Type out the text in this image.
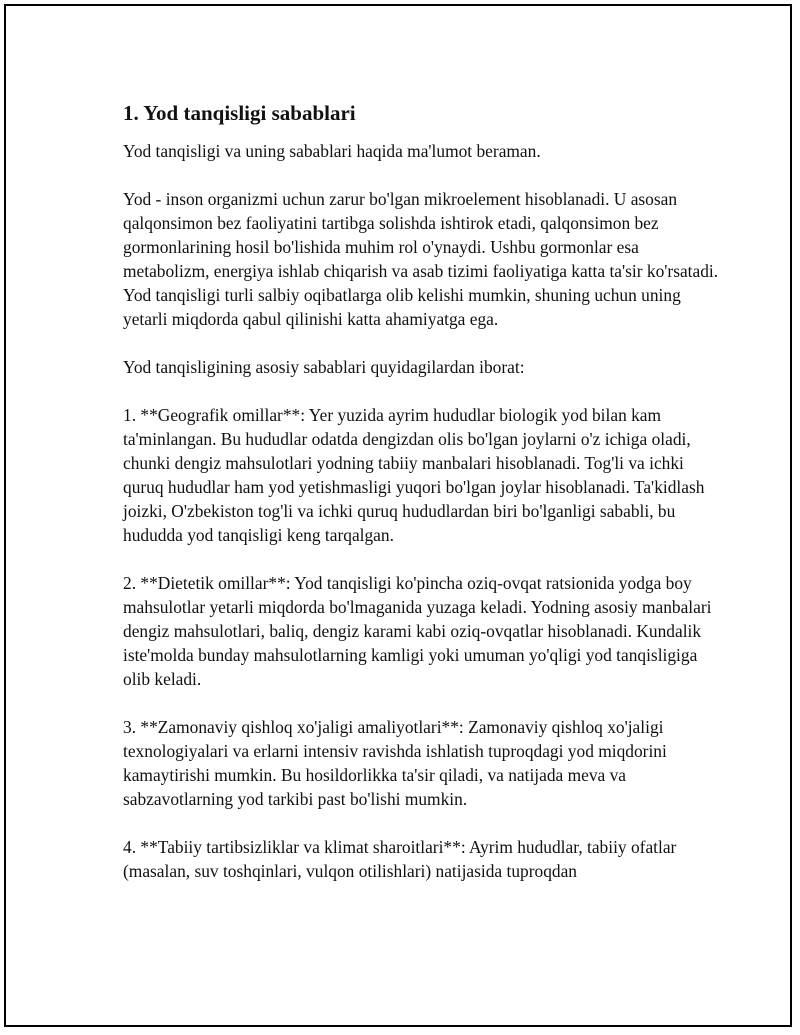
1. Yod tanqisligi sabablari

Yod tanqisligi va uning sabablari haqida ma'lumot beraman.

Yod - inson organizmi uchun zarur bo'lgan mikroelement hisoblanadi. U asosan qalqonsimon bez faoliyatini tartibga solishda ishtirok etadi, qalqonsimon bez gormonlarining hosil bo'lishida muhim rol o'ynaydi. Ushbu gormonlar esa metabolizm, energiya ishlab chiqarish va asab tizimi faoliyatiga katta ta'sir ko'rsatadi. Yod tanqisligi turli salbiy oqibatlarga olib kelishi mumkin, shuning uchun uning yetarli miqdorda qabul qilinishi katta ahamiyatga ega.

Yod tanqisligining asosiy sabablari quyidagilardan iborat:

1. **Geografik omillar**: Yer yuzida ayrim hududlar biologik yod bilan kam ta'minlangan. Bu hududlar odatda dengizdan olis bo'lgan joylarni o'z ichiga oladi, chunki dengiz mahsulotlari yodning tabiiy manbalari hisoblanadi. Tog'li va ichki quruq hududlar ham yod yetishmasligi yuqori bo'lgan joylar hisoblanadi. Ta'kidlash joizki, O'zbekiston tog'li va ichki quruq hududlardan biri bo'lganligi sababli, bu hududda yod tanqisligi keng tarqalgan.

2. **Dietetik omillar**: Yod tanqisligi ko'pincha oziq-ovqat ratsionida yodga boy mahsulotlar yetarli miqdorda bo'lmaganida yuzaga keladi. Yodning asosiy manbalari dengiz mahsulotlari, baliq, dengiz karami kabi oziq-ovqatlar hisoblanadi. Kundalik iste'molda bunday mahsulotlarning kamligi yoki umuman yo'qligi yod tanqisligiga olib keladi.

3. **Zamonaviy qishloq xo'jaligi amaliyotlari**: Zamonaviy qishloq xo'jaligi texnologiyalari va erlarni intensiv ravishda ishlatish tuproqdagi yod miqdorini kamaytirishi mumkin. Bu hosildorlikka ta'sir qiladi, va natijada meva va sabzavotlarning yod tarkibi past bo'lishi mumkin.

4. **Tabiiy tartibsizliklar va klimat sharoitlari**: Ayrim hududlar, tabiiy ofatlar (masalan, suv toshqinlari, vulqon otilishlari) natijasida tuproqdan
